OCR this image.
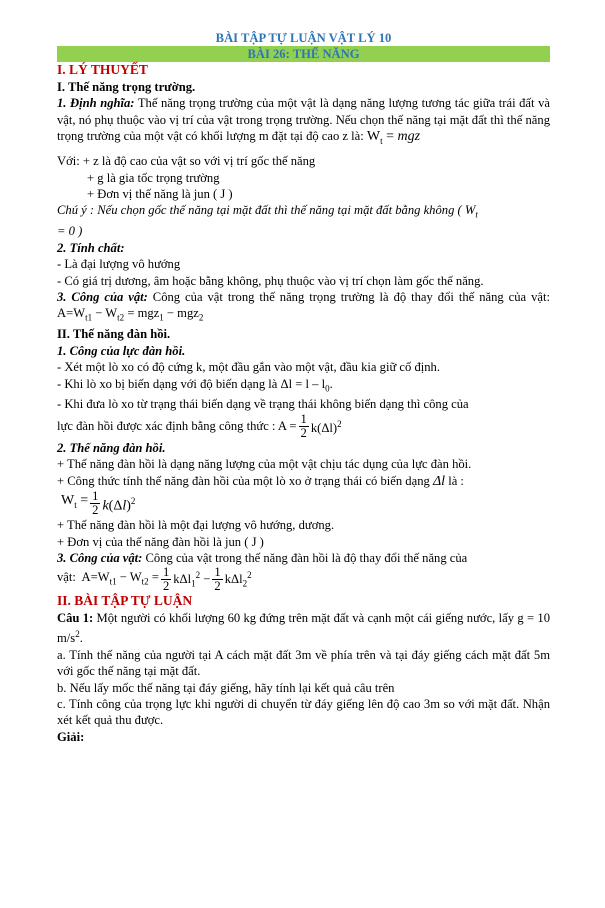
BÀI TẬP TỰ LUẬN VẬT LÝ 10
BÀI 26: THẾ NĂNG
I. LÝ THUYẾT
I. Thế năng trọng trường.
1. Định nghĩa: Thế năng trọng trường của một vật là dạng năng lượng tương tác giữa trái đất và vật, nó phụ thuộc vào vị trí của vật trong trọng trường. Nếu chọn thế năng tại mặt đất thì thế năng trọng trường của một vật có khối lượng m đặt tại độ cao z là: $W_t$ = mgz
Với: + z là độ cao của vật so với vị trí gốc thế năng
+ g là gia tốc trọng trường
+ Đơn vị thế năng là jun ( J )
Chú ý : Nếu chọn gốc thế năng tại mặt đất thì thế năng tại mặt đất bằng không ( $W_t$
= 0 )
2. Tính chất:
- Là đại lượng vô hướng
- Có giá trị dương, âm hoặc bằng không, phụ thuộc vào vị trí chọn làm gốc thế năng.
3. Công của vật: Công của vật trong thế năng trọng trường là độ thay đổi thế năng của vật: $A=W_{t1} - W_{t2} = mgz_1 - mgz_2$
II. Thế năng đàn hồi.
1. Công của lực đàn hồi.
- Xét một lò xo có độ cứng k, một đầu gắn vào một vật, đầu kia giữ cố định.
- Khi lò xo bị biến dạng với độ biến dạng là $\Delta l = l - l_0$.
- Khi đưa lò xo từ trạng thái biến dạng về trạng thái không biến dạng thì công của
lực đàn hồi được xác định bằng công thức : $A = \frac{1}{2} k(\Delta l)^2$
2. Thế năng đàn hồi.
+ Thế năng đàn hồi là dạng năng lượng của một vật chịu tác dụng của lực đàn hồi.
+ Công thức tính thế năng đàn hồi của một lò xo ở trạng thái có biến dạng Δl là :
$W_t = \frac{1}{2} k(\Delta l)^2$
+ Thế năng đàn hồi là một đại lượng vô hướng, dương.
+ Đơn vị của thế năng đàn hồi là jun ( J )
3. Công của vật: Công của vật trong thế năng đàn hồi là độ thay đổi thế năng của
vật:  $A=W_{t1} - W_{t2} = \frac{1}{2} k\Delta l_1^2 - \frac{1}{2} k\Delta l_2^2$
II. BÀI TẬP TỰ LUẬN
Câu 1: Một người có khối lượng 60 kg đứng trên mặt đất và cạnh một cái giếng nước, lấy g = 10 $m/s^2$.
a. Tính thế năng của người tại A cách mặt đất 3m về phía trên và tại đáy giếng cách mặt đất 5m với gốc thế năng tại mặt đất.
b. Nếu lấy mốc thế năng tại đáy giếng, hãy tính lại kết quả câu trên
c. Tính công của trọng lực khi người di chuyển từ đáy giếng lên độ cao 3m so với mặt đất. Nhận xét kết quả thu được.
Giải:
